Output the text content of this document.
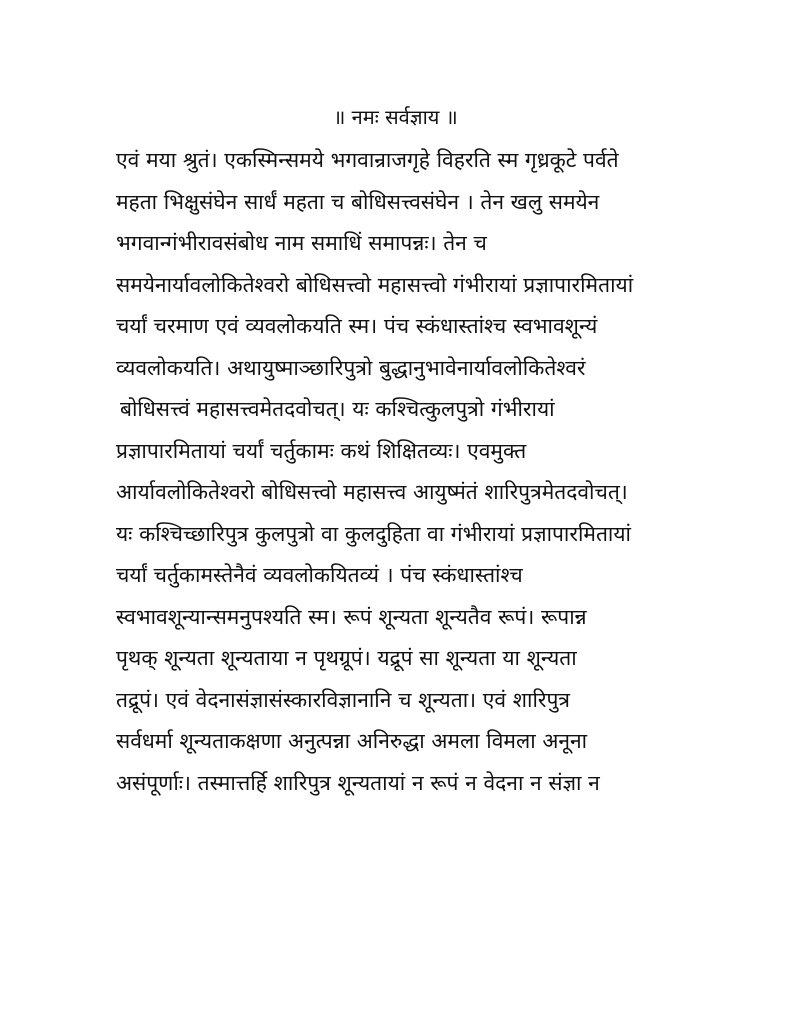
॥ नमः सर्वज्ञाय ॥
एवं मया श्रुतं। एकस्मिन्समये भगवान्राजगृहे विहरति स्म गृध्रकूटे पर्वते
महता भिक्षुसंघेन सार्धं महता च बोधिसत्त्वसंघेन । तेन खलु समयेन
भगवान्गंभीरावसंबोध नाम समाधिं समापन्नः। तेन च
समयेनार्यावलोकितेश्वरो बोधिसत्त्वो महासत्त्वो गंभीरायां प्रज्ञापारमितायां
चर्यां चरमाण एवं व्यवलोकयति स्म। पंच स्कंधास्तांश्च स्वभावशून्यं
व्यवलोकयति। अथायुष्माञ्छारिपुत्रो बुद्धानुभावेनार्यावलोकितेश्वरं
बोधिसत्त्वं महासत्त्वमेतदवोचत्। यः कश्चित्कुलपुत्रो गंभीरायां
प्रज्ञापारमितायां चर्यां चर्तुकामः कथं शिक्षितव्यः। एवमुक्त
आर्यावलोकितेश्वरो बोधिसत्त्वो महासत्त्व आयुष्मंतं शारिपुत्रमेतदवोचत्।
यः कश्चिच्छारिपुत्र कुलपुत्रो वा कुलदुहिता वा गंभीरायां प्रज्ञापारमितायां
चर्यां चर्तुकामस्तेनैवं व्यवलोकयितव्यं । पंच स्कंधास्तांश्च
स्वभावशून्यान्समनुपश्यति स्म। रूपं शून्यता शून्यतैव रूपं। रूपान्न
पृथक् शून्यता शून्यताया न पृथग्रूपं। यद्रूपं सा शून्यता या शून्यता
तद्रूपं। एवं वेदनासंज्ञासंस्कारविज्ञानानि च शून्यता। एवं शारिपुत्र
सर्वधर्मा शून्यताकक्षणा अनुत्पन्ना अनिरुद्धा अमला विमला अनूना
असंपूर्णाः। तस्मात्तर्हि शारिपुत्र शून्यतायां न रूपं न वेदना न संज्ञा न
